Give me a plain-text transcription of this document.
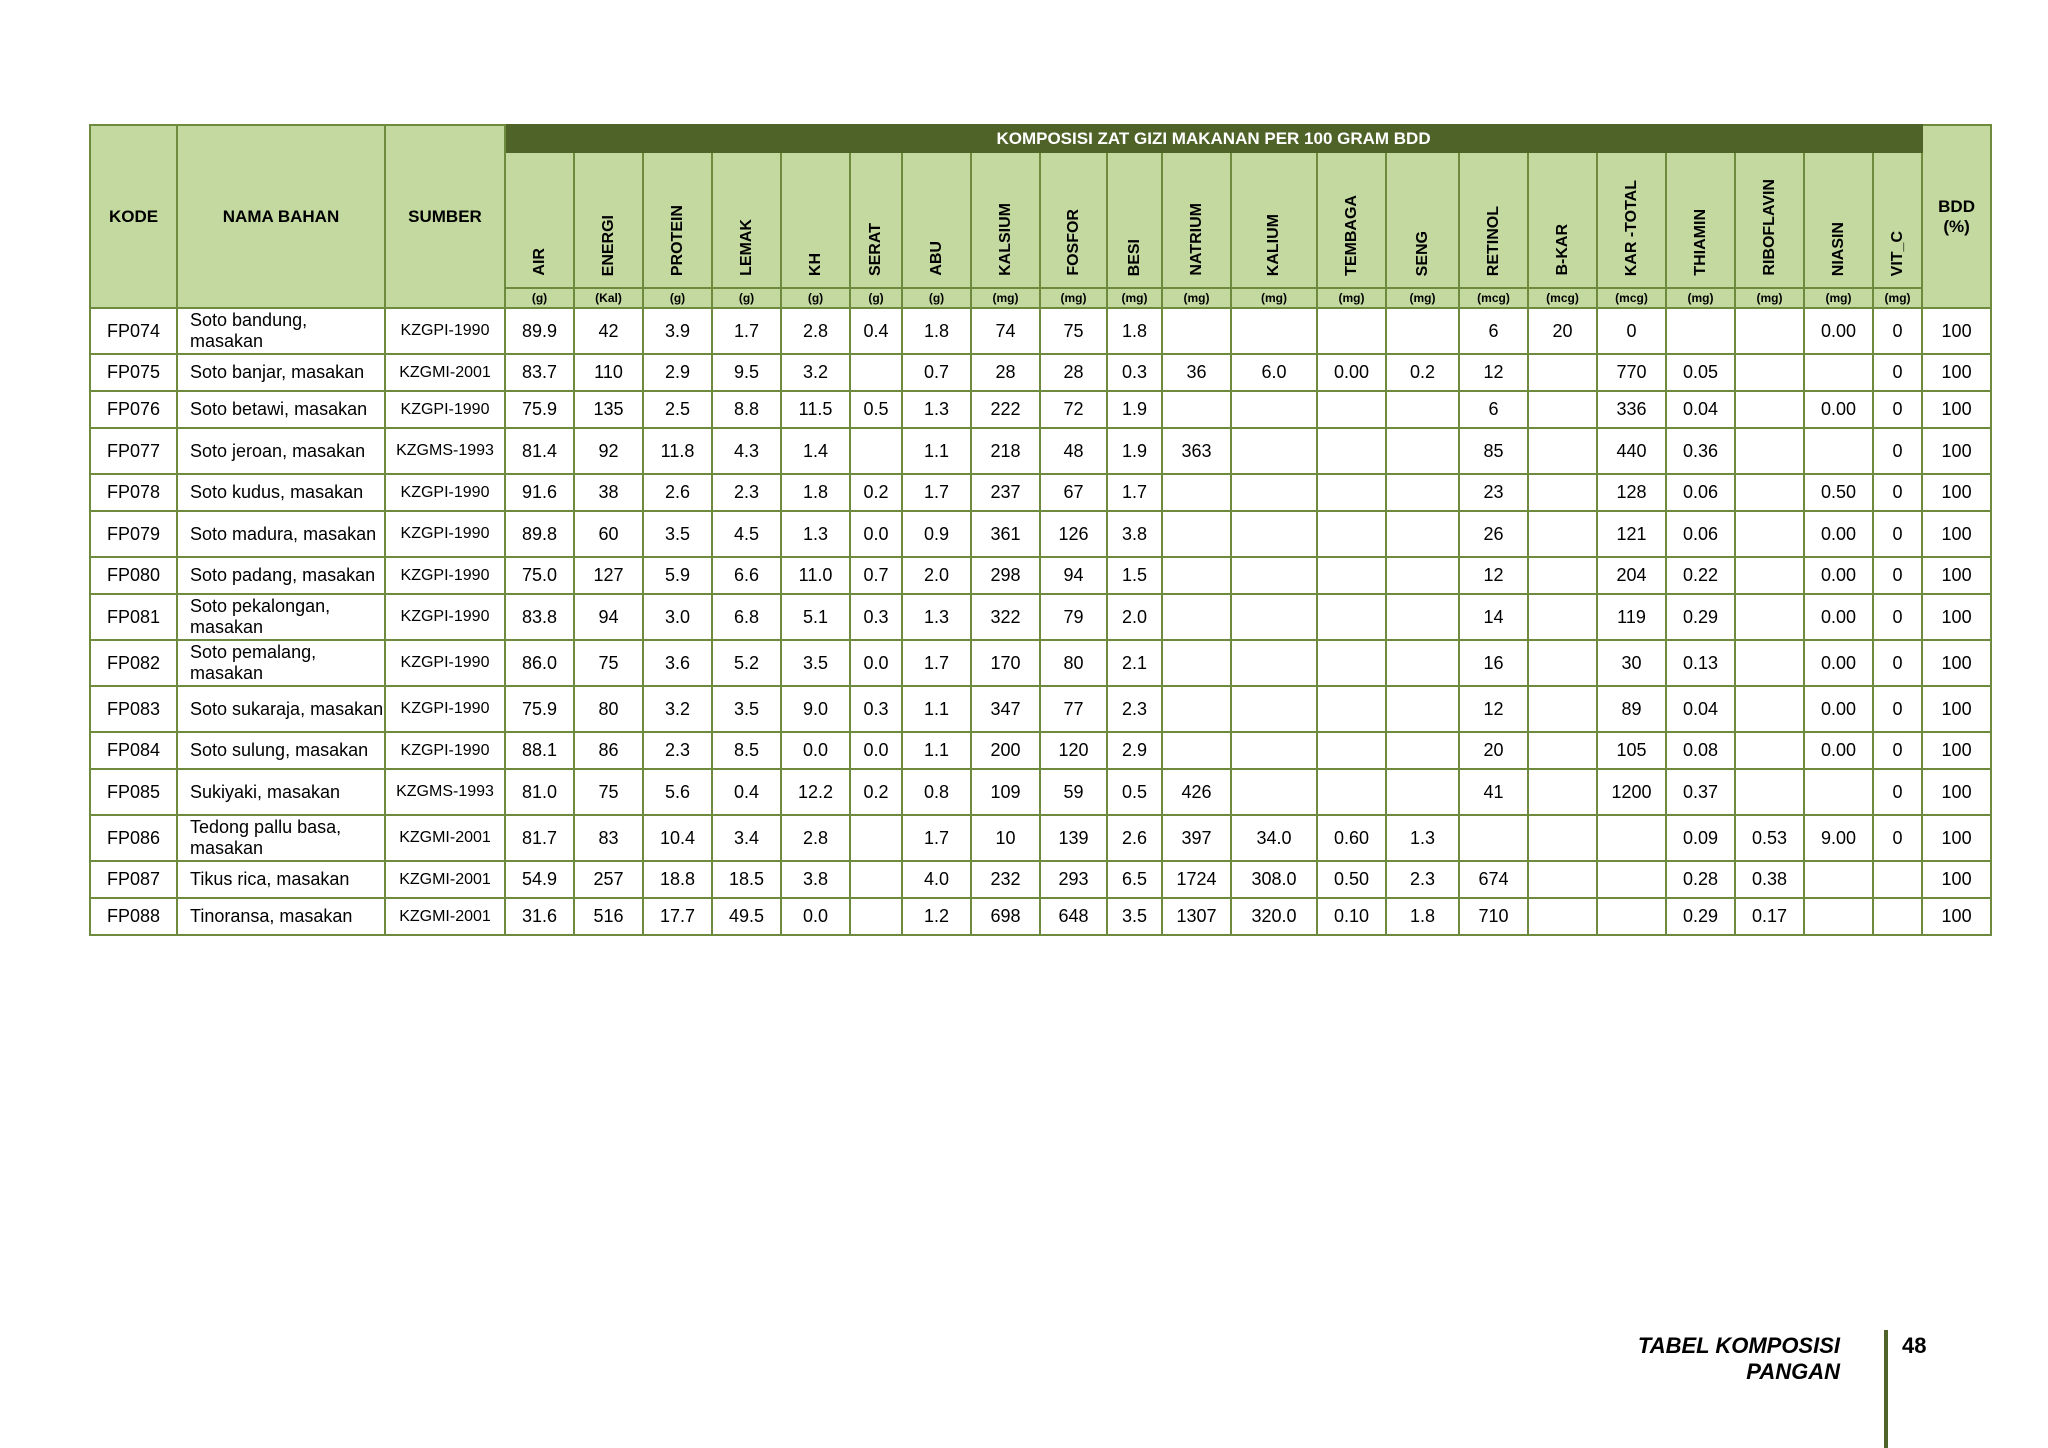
KODE	NAMA BAHAN	SUMBER	KOMPOSISI ZAT GIZI MAKANAN PER 100 GRAM BDD																					BDD
(%)

			AIR	ENERGI	PROTEIN	LEMAK	KH	SERAT	ABU	KALSIUM	FOSFOR	BESI	NATRIUM	KALIUM	TEMBAGA	SENG	RETINOL	B-KAR	KAR -TOTAL	THIAMIN	RIBOFLAVIN	NIASIN	VIT_C	
			(g)	(Kal)	(g)	(g)	(g)	(g)	(g)	(mg)	(mg)	(mg)	(mg)	(mg)	(mg)	(mg)	(mcg)	(mcg)	(mcg)	(mg)	(mg)	(mg)	(mg)	
FP074	Soto bandung, masakan	KZGPI-1990	89.9	42	3.9	1.7	2.8	0.4	1.8	74	75	1.8					6	20	0			0.00	0	100
FP075	Soto banjar, masakan	KZGMI-2001	83.7	110	2.9	9.5	3.2		0.7	28	28	0.3	36	6.0	0.00	0.2	12		770	0.05			0	100
FP076	Soto betawi, masakan	KZGPI-1990	75.9	135	2.5	8.8	11.5	0.5	1.3	222	72	1.9					6		336	0.04		0.00	0	100
FP077	Soto jeroan, masakan	KZGMS-1993	81.4	92	11.8	4.3	1.4		1.1	218	48	1.9	363				85		440	0.36			0	100
FP078	Soto kudus, masakan	KZGPI-1990	91.6	38	2.6	2.3	1.8	0.2	1.7	237	67	1.7					23		128	0.06		0.50	0	100
FP079	Soto madura, masakan	KZGPI-1990	89.8	60	3.5	4.5	1.3	0.0	0.9	361	126	3.8					26		121	0.06		0.00	0	100
FP080	Soto padang, masakan	KZGPI-1990	75.0	127	5.9	6.6	11.0	0.7	2.0	298	94	1.5					12		204	0.22		0.00	0	100
FP081	Soto pekalongan, masakan	KZGPI-1990	83.8	94	3.0	6.8	5.1	0.3	1.3	322	79	2.0					14		119	0.29		0.00	0	100
FP082	Soto pemalang, masakan	KZGPI-1990	86.0	75	3.6	5.2	3.5	0.0	1.7	170	80	2.1					16		30	0.13		0.00	0	100
FP083	Soto sukaraja, masakan	KZGPI-1990	75.9	80	3.2	3.5	9.0	0.3	1.1	347	77	2.3					12		89	0.04		0.00	0	100
FP084	Soto sulung, masakan	KZGPI-1990	88.1	86	2.3	8.5	0.0	0.0	1.1	200	120	2.9					20		105	0.08		0.00	0	100
FP085	Sukiyaki, masakan	KZGMS-1993	81.0	75	5.6	0.4	12.2	0.2	0.8	109	59	0.5	426				41		1200	0.37			0	100
FP086	Tedong pallu basa, masakan	KZGMI-2001	81.7	83	10.4	3.4	2.8		1.7	10	139	2.6	397	34.0	0.60	1.3				0.09	0.53	9.00	0	100
FP087	Tikus rica, masakan	KZGMI-2001	54.9	257	18.8	18.5	3.8		4.0	232	293	6.5	1724	308.0	0.50	2.3	674			0.28	0.38			100
FP088	Tinoransa, masakan	KZGMI-2001	31.6	516	17.7	49.5	0.0		1.2	698	648	3.5	1307	320.0	0.10	1.8	710			0.29	0.17			100
TABEL KOMPOSISI PANGAN
48
